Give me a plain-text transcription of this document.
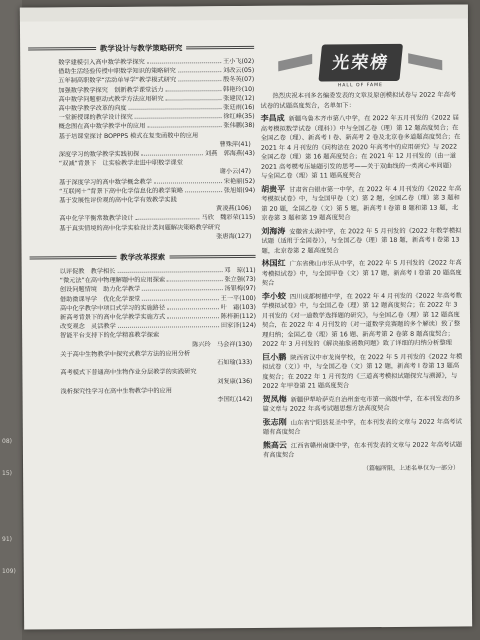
08)
15)
91)
109)
教学设计与教学策略研究
数学建模引入高中数学教学探究	王小飞(02)
借助生活经验传授中职数学知识的策略研究	刘改云(05)
五年制高职数学“活动单导学”教学模式研究	殷冬英(07)
加强数学教学探究　创新教学课堂活力	韩艳玲(10)
高中数学问题驱动式教学方法应用研究	张建民(12)
高中数学教学改革的向度	张廷雨(16)
一堂新授课的教学设计探究	徐红峰(35)
概念图在高中数学教学中的应用	张伟鹏(38)
基于培课堂探讨 BOPPPS 模式在复变函数中的应用
曹殊萍(41)
深度学习的数学教学实践初探	刘燕　郭海燕(43)
“双减”背景下　让实验教学走进中职数学课堂
谢小云(47)
基于深度学习的高中数学概念教学	宋艳丽(52)
“互联网＋”背景下高中化学信息化的教学策略	张旭娟(94)
基于发展性评价观的高中化学有效教学实践
黄凌燕(106)
高中化学平衡常数教学设计	马欣　魏彩荣(115)
基于真实情境的高中化学实验设计类问题解决策略教学研究
张唐海(127)
教学改革探索
以评促教　教学相长	邓　琼(11)
“微元法”在高中物理解题中的应用探索	张立强(73)
创设问题情境　助力化学教学	汤银梅(97)
借助微课导学　优化化学课堂	王一平(100)
高中化学教学中项目式学习的实施路径	叶　霜(103)
新高考背景下的高中化学教学实施方式	陈梓新(112)
改变观念　灵活教学	田家泽(124)
智能平台支持下的化学精准教学探索
陈兴玲　马会祥(130)
关于高中生物教学中探究式教学方法的应用分析
石如瑜(133)
高考模式下普通高中生物作业分层教学的实践研究
刘复康(136)
浅析探究性学习在高中生物教学中的应用
李国红(142)
光荣榜
HALL OF FAME
热烈庆祝本刊多名编委发表的文章及原创模拟试卷与 2022 年高考试卷的试题高度契合，名单如下：
李昌成 新疆乌鲁木齐市第八中学，在 2022 年五月刊发的《2022 届高考模拟数学试卷（理科）》中与全国乙卷（理）第 12 题高度契合；在全国乙卷（理）、新高考 I 卷、新高考 2 卷及北京卷多道题高度契合；在 2021 年 4 月刊发的《问构法在 2020 年高考中的应用研究》与 2022 全国乙卷（理）第 16 题高度契合；在 2021 年 12 月刊发的（由一道 2021 高考模考压轴题引发的思考——关于双曲线的一类离心率问题）与全国乙卷（理）第 11 题高度契合
胡贵平 甘肃省白银市第一中学，在 2022 年 4 月刊发的《2022 年高考模拟试卷》中，与全国甲卷（文）第 2 题，全国乙卷（理）第 3 题和第 20 题，全国乙卷（文）第 5 题，新高考 I 卷第 8 题和第 13 题，北京卷第 3 题和第 19 题高度契合
刘海涛 安徽省太湖中学，在 2022 年 5 月刊发的《2022 年数学模拟试题（适用于全国卷）》，与全国乙卷（理）第 18 题，新高考 I 卷第 13 题，北京卷第 2 题高度契合
林国红 广东省佛山市乐从中学，在 2022 年 5 月刊发的《2022 年高考模拟试卷》中，与全国甲卷（文）第 17 题，新高考 I 卷第 20 题高度契合
李小蛟 四川成都树德中学，在 2022 年 4 月刊发的《2022 年高考数学模拟试卷》中，与全国乙卷（理）第 12 题高度契合；在 2022 年 3 月刊发的《对一道数学选择题的研究》，与全国乙卷（理）第 12 题高度契合，在 2022 年 4 月刊发的（对一道数学竞赛题的多个解读）致了整理归纳；全国乙卷（理）第 16 题、新高考第 2 卷第 8 题高度契合；2022 年 3 月刊发的《解决抽象函数问题》致了详细的归纳分析整理
巨小鹏 陕西省汉中市龙岗学校，在 2022 年 5 月刊发的《2022 年模拟试卷（文）》中，与全国乙卷（文）第 12 题，新高考 I 卷第 13 题高度契合；在 2022 年 1 月刊发的《三道高考模拟试题探究与溯源》，与 2022 年甲卷第 21 题高度契合
贺凤梅 新疆伊犁哈萨克自治州奎屯市第一高级中学，在本刊发表的多篇文章与 2022 年高考试题思想方法高度契合
张志刚 山东省宁阳县复圣中学，在本刊发表的文章与 2022 年高考试题有高度契合
熊高云 江西省赣州南康中学，在本刊发表的文章与 2022 年高考试题有高度契合
（篇幅所限，上述名单仅为一部分）
